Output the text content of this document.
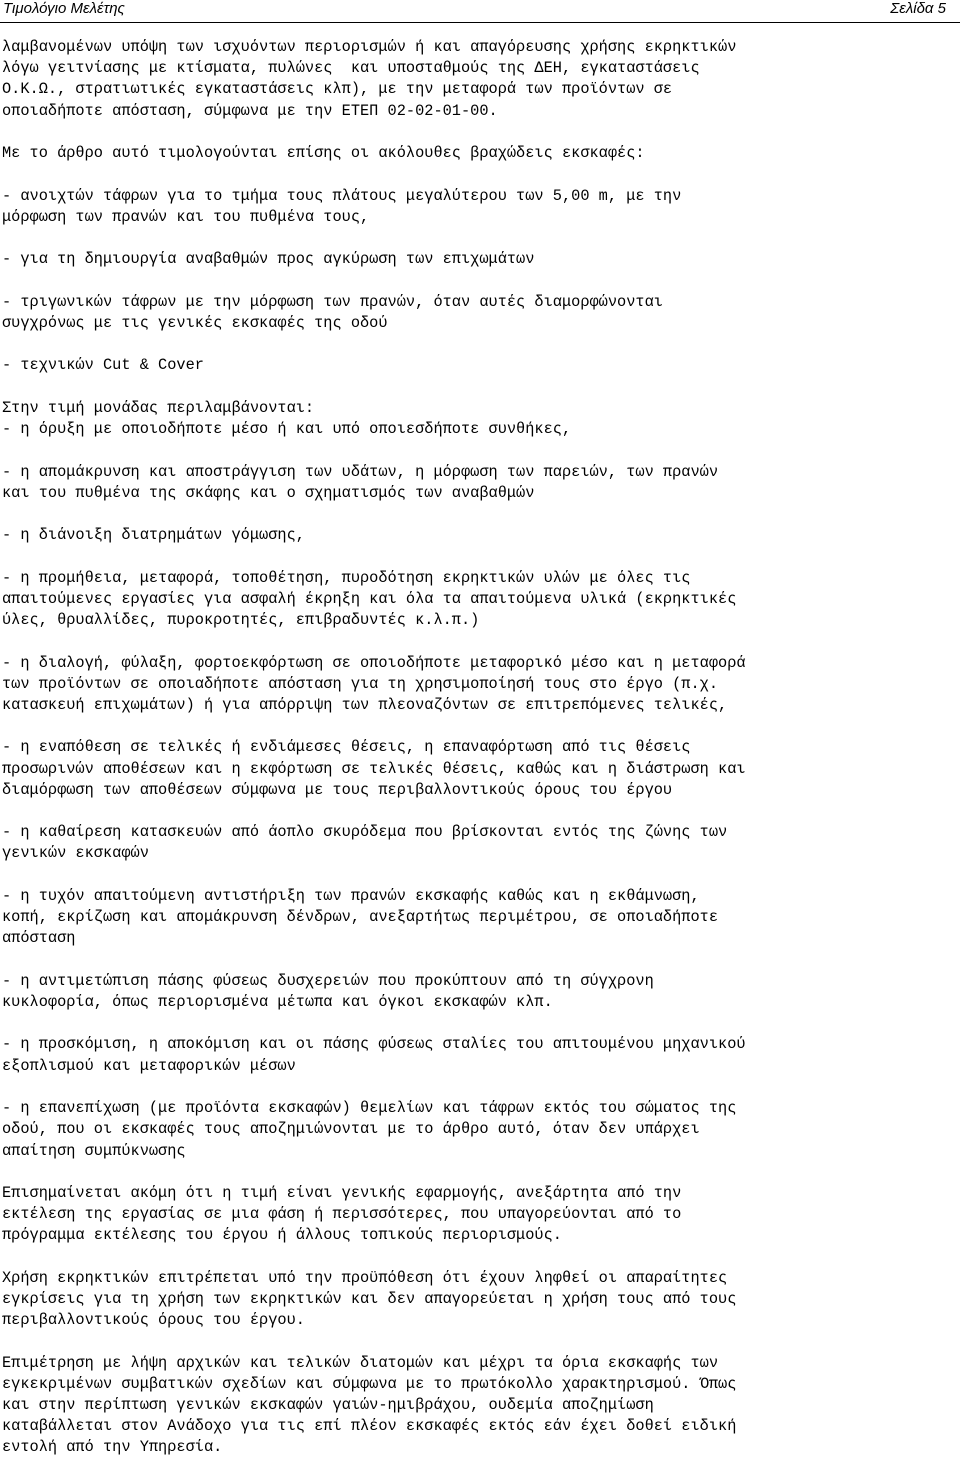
Τιμολόγιο Μελέτης	Σελίδα 5
λαμβανομένων υπόψη των ισχυόντων περιορισμών ή και απαγόρευσης χρήσης εκρηκτικών
λόγω γειτνίασης με κτίσματα, πυλώνες  και υποσταθμούς της ΔΕΗ, εγκαταστάσεις
Ο.Κ.Ω., στρατιωτικές εγκαταστάσεις κλπ), με την μεταφορά των προϊόντων σε
οποιαδήποτε απόσταση, σύμφωνα με την ΕΤΕΠ 02-02-01-00.
Με το άρθρο αυτό τιμολογούνται επίσης οι ακόλουθες βραχώδεις εκσκαφές:
- ανοιχτών τάφρων για το τμήμα τους πλάτους μεγαλύτερου των 5,00 m, με την
μόρφωση των πρανών και του πυθμένα τους,
- για τη δημιουργία αναβαθμών προς αγκύρωση των επιχωμάτων
- τριγωνικών τάφρων με την μόρφωση των πρανών, όταν αυτές διαμορφώνονται
συγχρόνως με τις γενικές εκσκαφές της οδού
- τεχνικών Cut & Cover
Στην τιμή μονάδας περιλαμβάνονται:
- η όρυξη με οποιοδήποτε μέσο ή και υπό οποιεσδήποτε συνθήκες,
- η απομάκρυνση και αποστράγγιση των υδάτων, η μόρφωση των παρειών, των πρανών
και του πυθμένα της σκάφης και ο σχηματισμός των αναβαθμών
- η διάνοιξη διατρημάτων γόμωσης,
- η προμήθεια, μεταφορά, τοποθέτηση, πυροδότηση εκρηκτικών υλών με όλες τις
απαιτούμενες εργασίες για ασφαλή έκρηξη και όλα τα απαιτούμενα υλικά (εκρηκτικές
ύλες, θρυαλλίδες, πυροκροτητές, επιβραδυντές κ.λ.π.)
- η διαλογή, φύλαξη, φορτοεκφόρτωση σε οποιοδήποτε μεταφορικό μέσο και η μεταφορά
των προϊόντων σε οποιαδήποτε απόσταση για τη χρησιμοποίησή τους στο έργο (π.χ.
κατασκευή επιχωμάτων) ή για απόρριψη των πλεοναζόντων σε επιτρεπόμενες τελικές,
- η εναπόθεση σε τελικές ή ενδιάμεσες θέσεις, η επαναφόρτωση από τις θέσεις
προσωρινών αποθέσεων και η εκφόρτωση σε τελικές θέσεις, καθώς και η διάστρωση και
διαμόρφωση των αποθέσεων σύμφωνα με τους περιβαλλοντικούς όρους του έργου
- η καθαίρεση κατασκευών από άοπλο σκυρόδεμα που βρίσκονται εντός της ζώνης των
γενικών εκσκαφών
- η τυχόν απαιτούμενη αντιστήριξη των πρανών εκσκαφής καθώς και η εκθάμνωση,
κοπή, εκρίζωση και απομάκρυνση δένδρων, ανεξαρτήτως περιμέτρου, σε οποιαδήποτε
απόσταση
- η αντιμετώπιση πάσης φύσεως δυσχερειών που προκύπτουν από τη σύγχρονη
κυκλοφορία, όπως περιορισμένα μέτωπα και όγκοι εκσκαφών κλπ.
- η προσκόμιση, η αποκόμιση και οι πάσης φύσεως σταλίες του απιτουμένου μηχανικού
εξοπλισμού και μεταφορικών μέσων
- η επανεπίχωση (με προϊόντα εκσκαφών) θεμελίων και τάφρων εκτός του σώματος της
οδού, που οι εκσκαφές τους αποζημιώνονται με το άρθρο αυτό, όταν δεν υπάρχει
απαίτηση συμπύκνωσης
Επισημαίνεται ακόμη ότι η τιμή είναι γενικής εφαρμογής, ανεξάρτητα από την
εκτέλεση της εργασίας σε μια φάση ή περισσότερες, που υπαγορεύονται από το
πρόγραμμα εκτέλεσης του έργου ή άλλους τοπικούς περιορισμούς.
Χρήση εκρηκτικών επιτρέπεται υπό την προϋπόθεση ότι έχουν ληφθεί οι απαραίτητες
εγκρίσεις για τη χρήση των εκρηκτικών και δεν απαγορεύεται η χρήση τους από τους
περιβαλλοντικούς όρους του έργου.
Επιμέτρηση με λήψη αρχικών και τελικών διατομών και μέχρι τα όρια εκσκαφής των
εγκεκριμένων συμβατικών σχεδίων και σύμφωνα με το πρωτόκολλο χαρακτηρισμού. Όπως
και στην περίπτωση γενικών εκσκαφών γαιών-ημιβράχου, ουδεμία αποζημίωση
καταβάλλεται στον Ανάδοχο για τις επί πλέον εκσκαφές εκτός εάν έχει δοθεί ειδική
εντολή από την Υπηρεσία.
